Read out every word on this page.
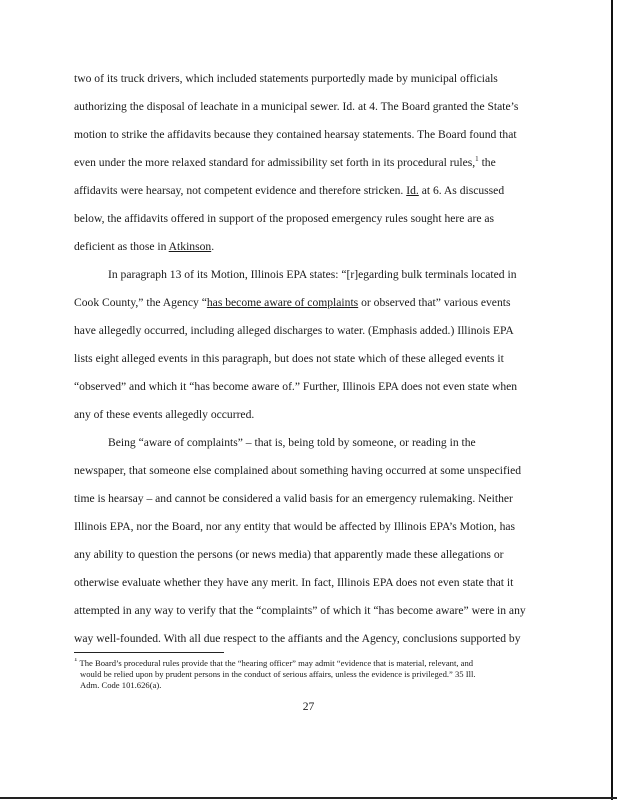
two of its truck drivers, which included statements purportedly made by municipal officials
authorizing the disposal of leachate in a municipal sewer. Id. at 4. The Board granted the State’s
motion to strike the affidavits because they contained hearsay statements. The Board found that
even under the more relaxed standard for admissibility set forth in its procedural rules,$^1$ the
affidavits were hearsay, not competent evidence and therefore stricken. Id. at 6. As discussed
below, the affidavits offered in support of the proposed emergency rules sought here are as
deficient as those in Atkinson.
In paragraph 13 of its Motion, Illinois EPA states: “[r]egarding bulk terminals located in
Cook County,” the Agency “has become aware of complaints or observed that” various events
have allegedly occurred, including alleged discharges to water. (Emphasis added.) Illinois EPA
lists eight alleged events in this paragraph, but does not state which of these alleged events it
“observed” and which it “has become aware of.” Further, Illinois EPA does not even state when
any of these events allegedly occurred.
Being “aware of complaints” – that is, being told by someone, or reading in the
newspaper, that someone else complained about something having occurred at some unspecified
time is hearsay – and cannot be considered a valid basis for an emergency rulemaking. Neither
Illinois EPA, nor the Board, nor any entity that would be affected by Illinois EPA’s Motion, has
any ability to question the persons (or news media) that apparently made these allegations or
otherwise evaluate whether they have any merit. In fact, Illinois EPA does not even state that it
attempted in any way to verify that the “complaints” of which it “has become aware” were in any
way well-founded. With all due respect to the affiants and the Agency, conclusions supported by
$^1$ The Board’s procedural rules provide that the “hearing officer” may admit “evidence that is material, relevant, and
would be relied upon by prudent persons in the conduct of serious affairs, unless the evidence is privileged.” 35 Ill.
Adm. Code 101.626(a).
27
